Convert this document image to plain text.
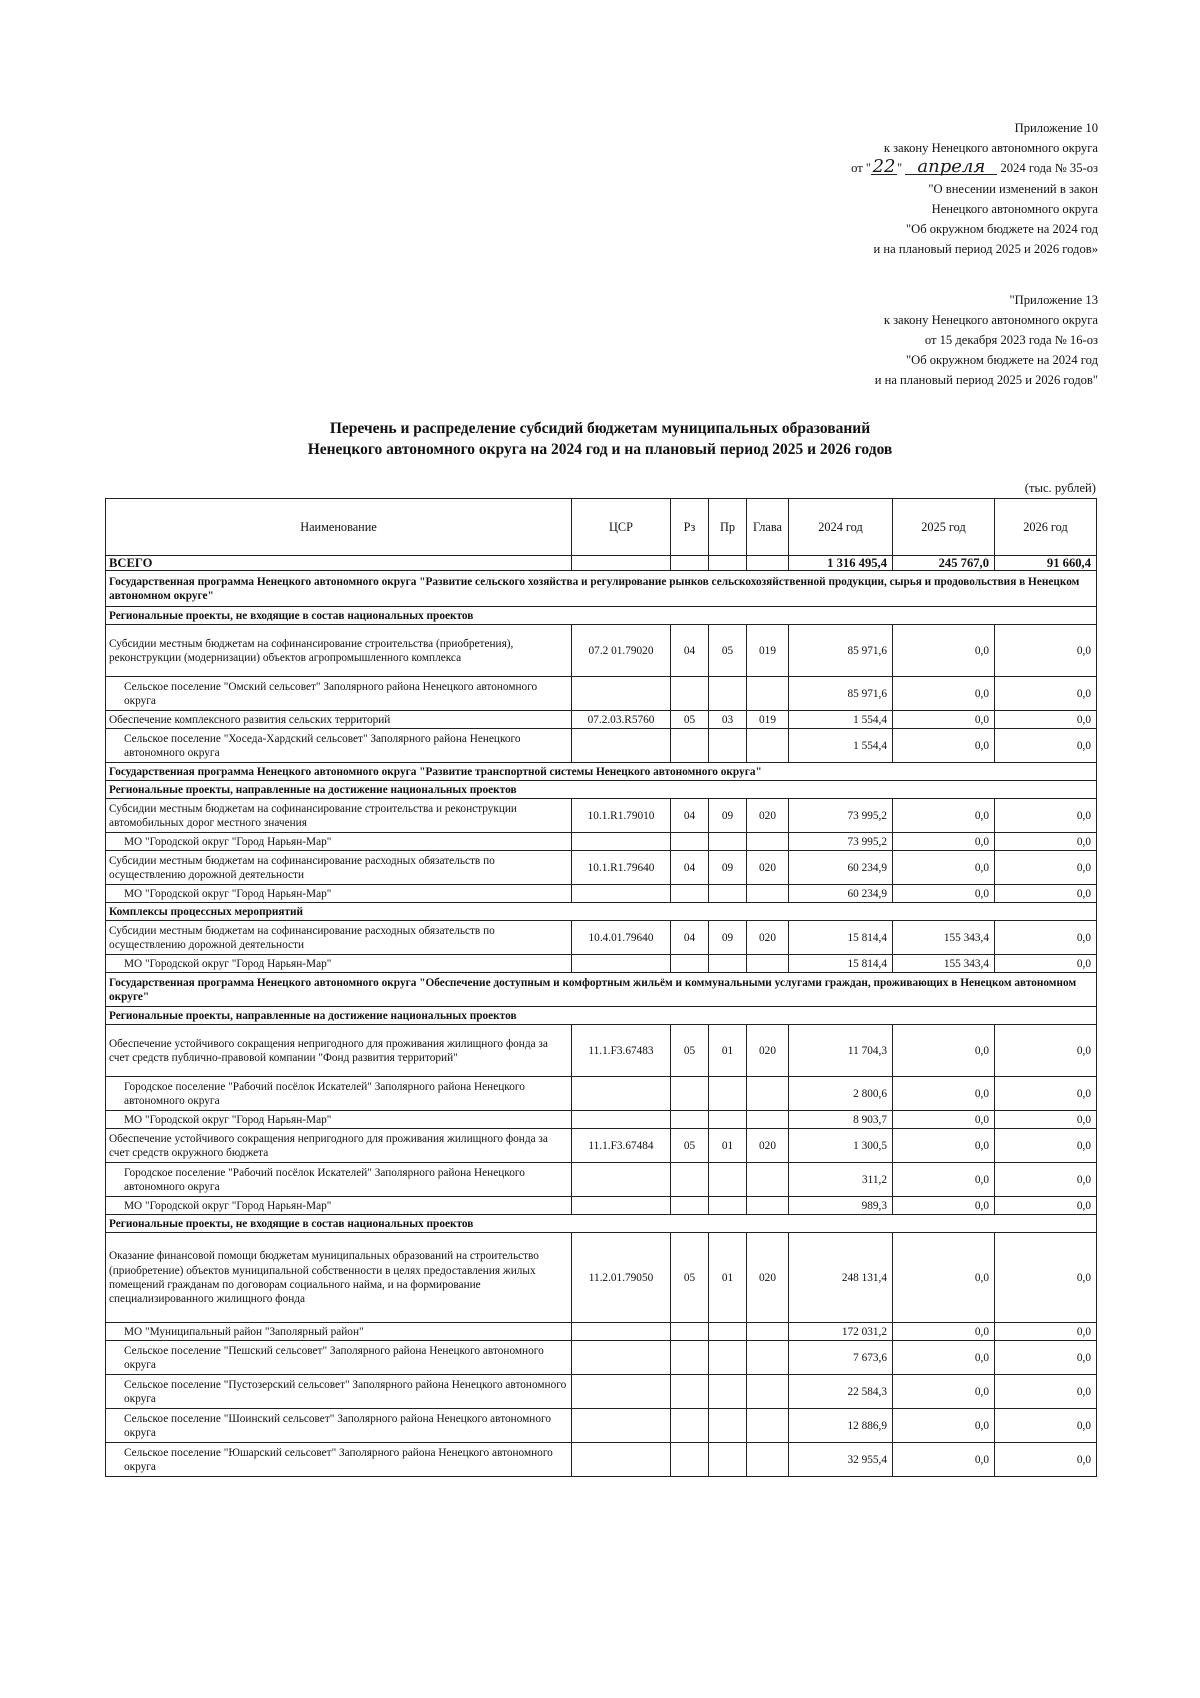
Приложение 10
к закону Ненецкого автономного округа
от "22 " апреля 2024 года № 35-оз
"О внесении изменений в закон
Ненецкого автономного округа
"Об окружном бюджете на 2024 год
и на плановый период 2025 и 2026 годов»
"Приложение 13
к закону Ненецкого автономного округа
от 15 декабря 2023 года № 16-оз
"Об окружном бюджете на 2024 год
и на плановый период 2025 и 2026 годов"
Перечень и распределение субсидий бюджетам муниципальных образований
Ненецкого автономного округа на 2024 год и на плановый период 2025 и 2026 годов
(тыс. рублей)
Наименование	ЦСР	Рз	Пр	Глава	2024 год	2025 год	2026 год
ВСЕГО					1 316 495,4	245 767,0	91 660,4
Государственная программа Ненецкого автономного округа "Развитие сельского хозяйства и регулирование рынков сельскохозяйственной продукции, сырья и продовольствия в Ненецком автономном округе"							
Региональные проекты, не входящие в состав национальных проектов							
Субсидии местным бюджетам на софинансирование строительства (приобретения), реконструкции (модернизации) объектов агропромышленного комплекса	07.2 01.79020	04	05	019	85 971,6	0,0	0,0
Сельское поселение "Омский сельсовет" Заполярного района Ненецкого автономного округа					85 971,6	0,0	0,0
Обеспечение комплексного развития сельских территорий	07.2.03.R5760	05	03	019	1 554,4	0,0	0,0
Сельское поселение "Хоседа-Хардский сельсовет" Заполярного района Ненецкого автономного округа					1 554,4	0,0	0,0
Государственная программа Ненецкого автономного округа "Развитие транспортной системы Ненецкого автономного округа"							
Региональные проекты, направленные на достижение национальных проектов							
Субсидии местным бюджетам на софинансирование строительства и реконструкции автомобильных дорог местного значения	10.1.R1.79010	04	09	020	73 995,2	0,0	0,0
МО "Городской округ "Город Нарьян-Мар"					73 995,2	0,0	0,0
Субсидии местным бюджетам на софинансирование расходных обязательств по осуществлению дорожной деятельности	10.1.R1.79640	04	09	020	60 234,9	0,0	0,0
МО "Городской округ "Город Нарьян-Мар"					60 234,9	0,0	0,0
Комплексы процессных мероприятий							
Субсидии местным бюджетам на софинансирование расходных обязательств по осуществлению дорожной деятельности	10.4.01.79640	04	09	020	15 814,4	155 343,4	0,0
МО "Городской округ "Город Нарьян-Мар"					15 814,4	155 343,4	0,0
Государственная программа Ненецкого автономного округа "Обеспечение доступным и комфортным жильём и коммунальными услугами граждан, проживающих в Ненецком автономном округе"							
Региональные проекты, направленные на достижение национальных проектов							
Обеспечение устойчивого сокращения непригодного для проживания жилищного фонда за счет средств публично-правовой компании "Фонд развития территорий"	11.1.F3.67483	05	01	020	11 704,3	0,0	0,0
Городское поселение "Рабочий посёлок Искателей" Заполярного района Ненецкого автономного округа					2 800,6	0,0	0,0
МО "Городской округ "Город Нарьян-Мар"					8 903,7	0,0	0,0
Обеспечение устойчивого сокращения непригодного для проживания жилищного фонда за счет средств окружного бюджета	11.1.F3.67484	05	01	020	1 300,5	0,0	0,0
Городское поселение "Рабочий посёлок Искателей" Заполярного района Ненецкого автономного округа					311,2	0,0	0,0
МО "Городской округ "Город Нарьян-Мар"					989,3	0,0	0,0
Региональные проекты, не входящие в состав национальных проектов							
Оказание финансовой помощи бюджетам муниципальных образований на строительство (приобретение) объектов муниципальной собственности в целях предоставления жилых помещений гражданам по договорам социального найма, и на формирование специализированного жилищного фонда	11.2.01.79050	05	01	020	248 131,4	0,0	0,0
МО "Муниципальный район "Заполярный район"					172 031,2	0,0	0,0
Сельское поселение "Пешский сельсовет" Заполярного района Ненецкого автономного округа					7 673,6	0,0	0,0
Сельское поселение "Пустозерский сельсовет" Заполярного района Ненецкого автономного округа					22 584,3	0,0	0,0
Сельское поселение "Шоинский сельсовет" Заполярного района Ненецкого автономного округа					12 886,9	0,0	0,0
Сельское поселение "Юшарский сельсовет" Заполярного района Ненецкого автономного округа					32 955,4	0,0	0,0
